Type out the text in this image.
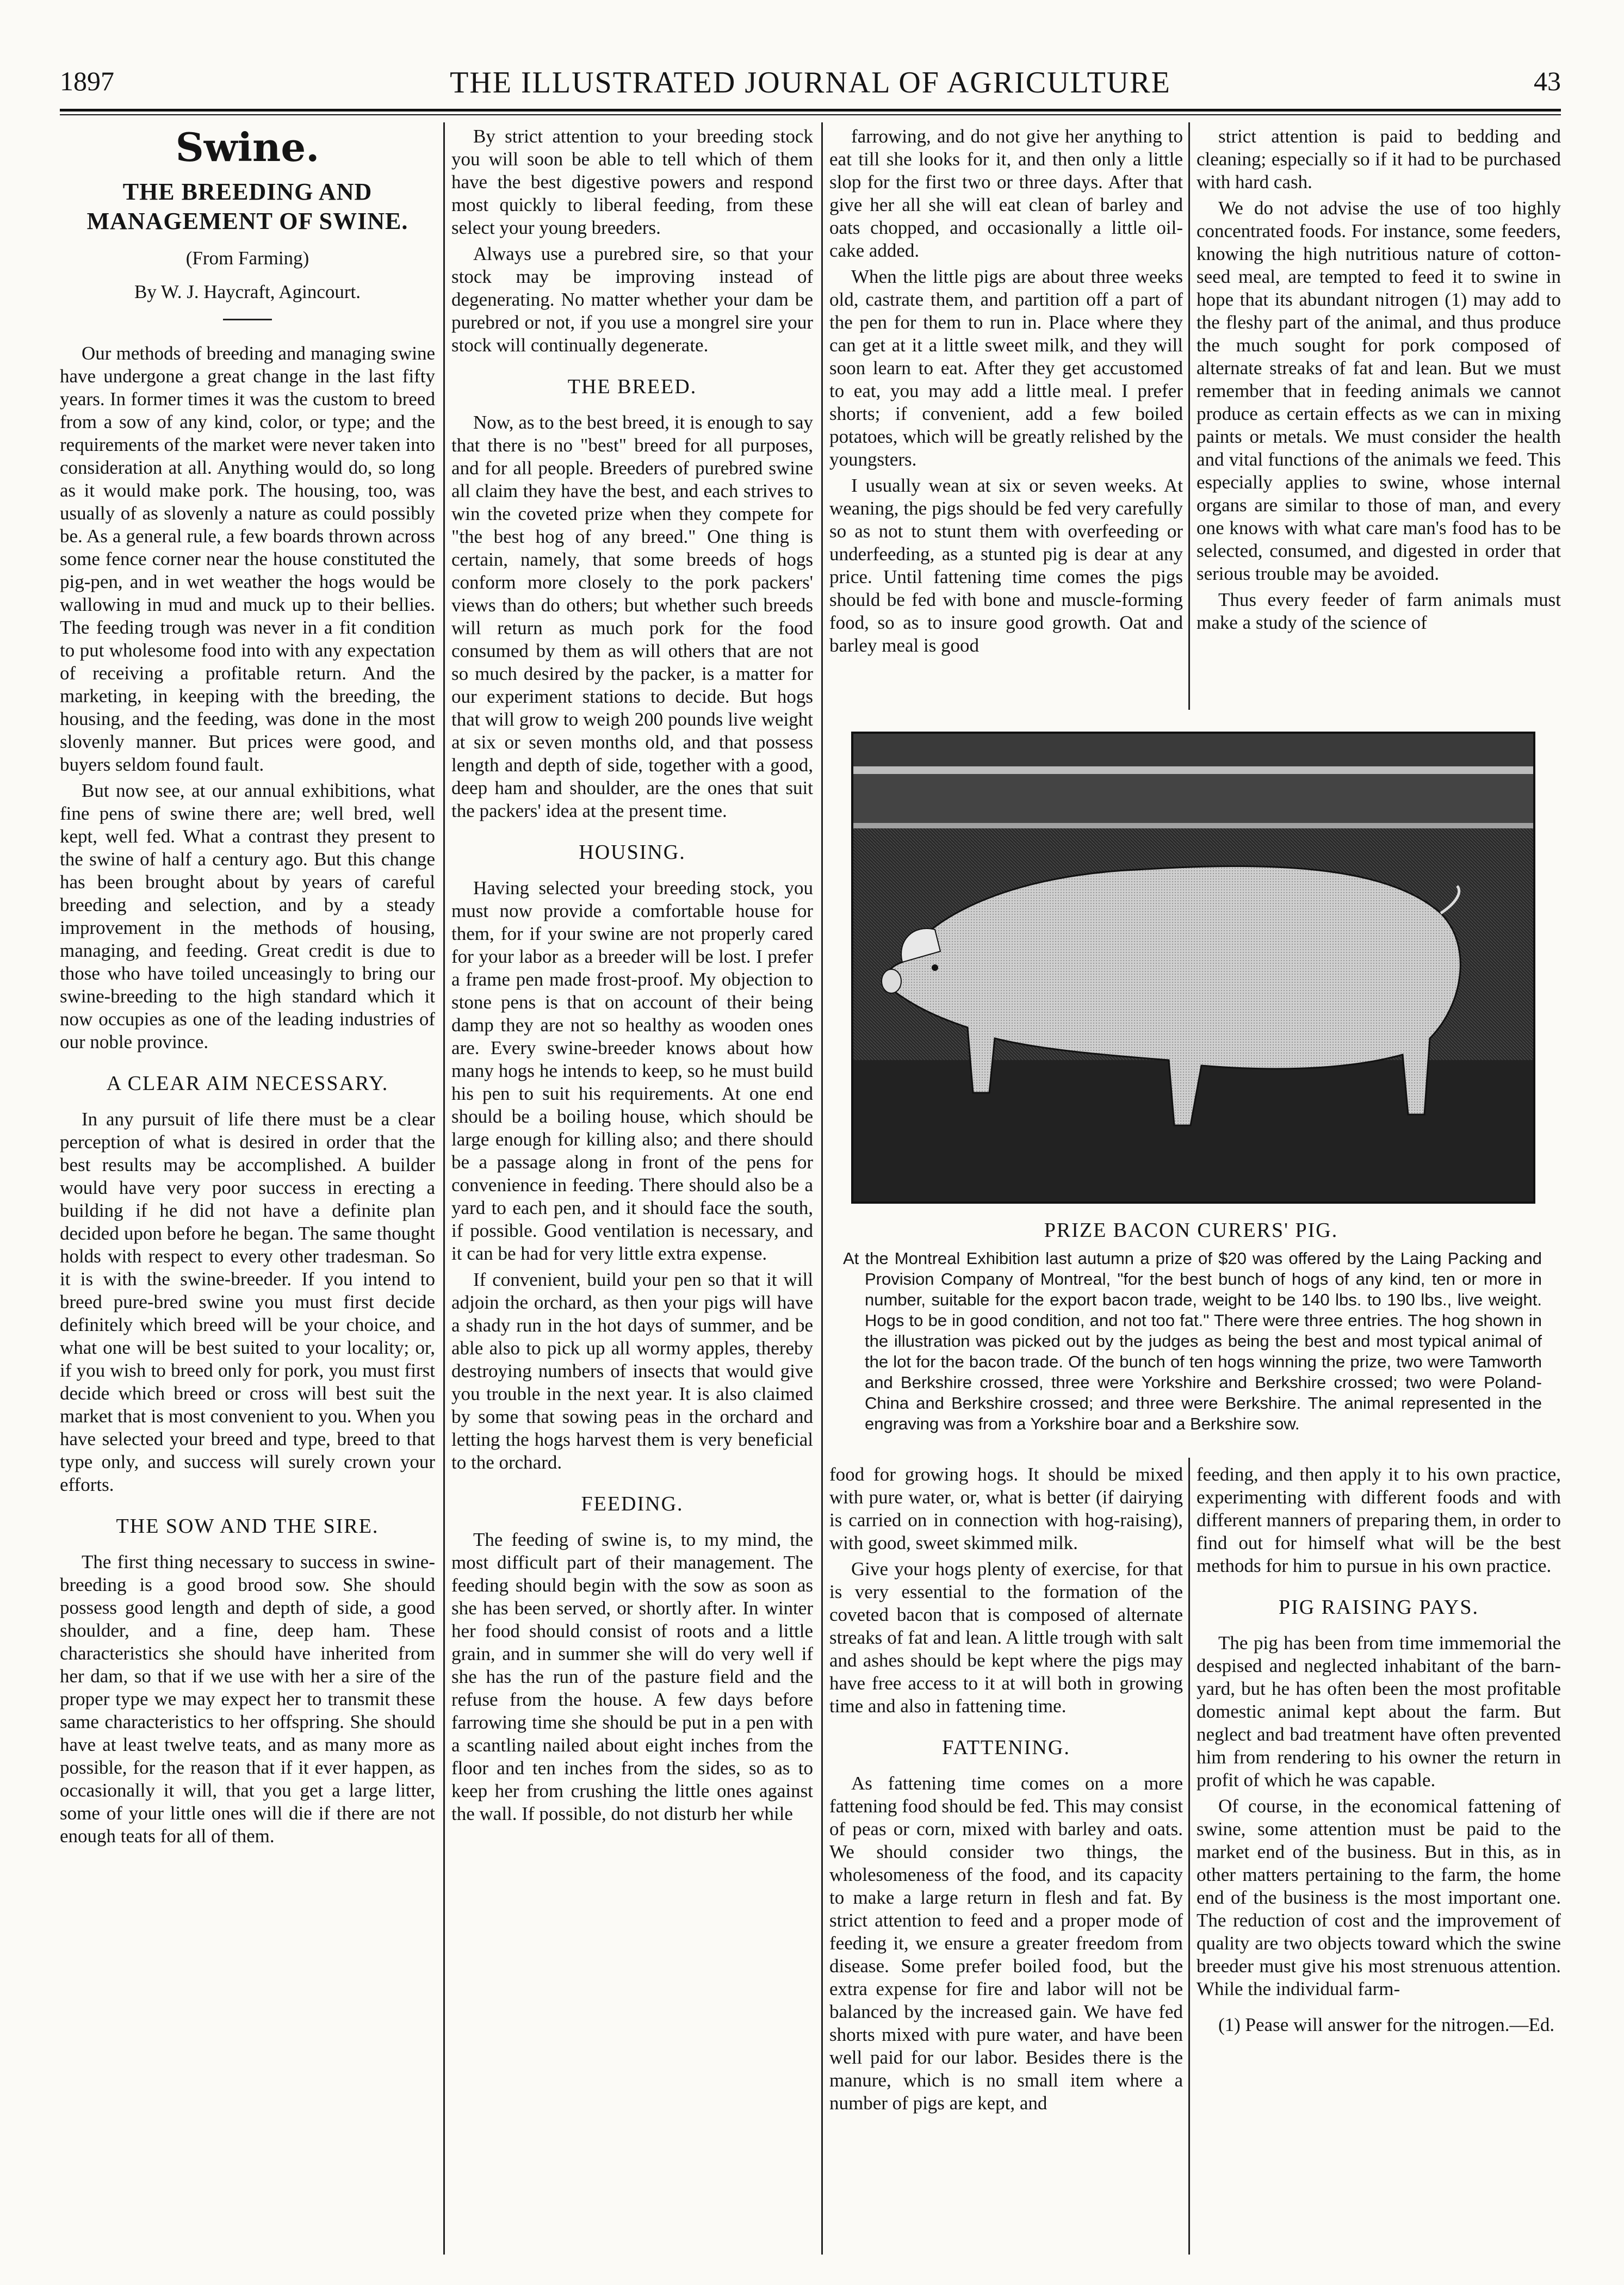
1897	THE ILLUSTRATED JOURNAL OF AGRICULTURE	43
Swine.
THE BREEDING AND MANAGEMENT OF SWINE.

(From Farming)

By W. J. Haycraft, Agincourt.

Our methods of breeding and managing swine have undergone a great change in the last fifty years. In former times it was the custom to breed from a sow of any kind, color, or type; and the requirements of the market were never taken into consideration at all. Anything would do, so long as it would make pork. The housing, too, was usually of as slovenly a nature as could possibly be. As a general rule, a few boards thrown across some fence corner near the house constituted the pig-pen, and in wet weather the hogs would be wallowing in mud and muck up to their bellies. The feeding trough was never in a fit condition to put wholesome food into with any expectation of receiving a profitable return. And the marketing, in keeping with the breeding, the housing, and the feeding, was done in the most slovenly manner. But prices were good, and buyers seldom found fault.

But now see, at our annual exhibitions, what fine pens of swine there are; well bred, well kept, well fed. What a contrast they present to the swine of half a century ago. But this change has been brought about by years of careful breeding and selection, and by a steady improvement in the methods of housing, managing, and feeding. Great credit is due to those who have toiled unceasingly to bring our swine-breeding to the high standard which it now occupies as one of the leading industries of our noble province.

A CLEAR AIM NECESSARY.

In any pursuit of life there must be a clear perception of what is desired in order that the best results may be accomplished. A builder would have very poor success in erecting a building if he did not have a definite plan decided upon before he began. The same thought holds with respect to every other tradesman. So it is with the swine-breeder. If you intend to breed pure-bred swine you must first decide definitely which breed will be your choice, and what one will be best suited to your locality; or, if you wish to breed only for pork, you must first decide which breed or cross will best suit the market that is most convenient to you. When you have selected your breed and type, breed to that type only, and success will surely crown your efforts.

THE SOW AND THE SIRE.

The first thing necessary to success in swine-breeding is a good brood sow. She should possess good length and depth of side, a good shoulder, and a fine, deep ham. These characteristics she should have inherited from her dam, so that if we use with her a sire of the proper type we may expect her to transmit these same characteristics to her offspring. She should have at least twelve teats, and as many more as possible, for the reason that if it ever happen, as occasionally it will, that you get a large litter, some of your little ones will die if there are not enough teats for all of them.

By strict attention to your breeding stock you will soon be able to tell which of them have the best digestive powers and respond most quickly to liberal feeding, from these select your young breeders.

Always use a purebred sire, so that your stock may be improving instead of degenerating. No matter whether your dam be purebred or not, if you use a mongrel sire your stock will continually degenerate.

THE BREED.

Now, as to the best breed, it is enough to say that there is no "best" breed for all purposes, and for all people. Breeders of purebred swine all claim they have the best, and each strives to win the coveted prize when they compete for "the best hog of any breed." One thing is certain, namely, that some breeds of hogs conform more closely to the pork packers' views than do others; but whether such breeds will return as much pork for the food consumed by them as will others that are not so much desired by the packer, is a matter for our experiment stations to decide. But hogs that will grow to weigh 200 pounds live weight at six or seven months old, and that possess length and depth of side, together with a good, deep ham and shoulder, are the ones that suit the packers' idea at the present time.

HOUSING.

Having selected your breeding stock, you must now provide a comfortable house for them, for if your swine are not properly cared for your labor as a breeder will be lost. I prefer a frame pen made frost-proof. My objection to stone pens is that on account of their being damp they are not so healthy as wooden ones are. Every swine-breeder knows about how many hogs he intends to keep, so he must build his pen to suit his requirements. At one end should be a boiling house, which should be large enough for killing also; and there should be a passage along in front of the pens for convenience in feeding. There should also be a yard to each pen, and it should face the south, if possible. Good ventilation is necessary, and it can be had for very little extra expense.

If convenient, build your pen so that it will adjoin the orchard, as then your pigs will have a shady run in the hot days of summer, and be able also to pick up all wormy apples, thereby destroying numbers of insects that would give you trouble in the next year. It is also claimed by some that sowing peas in the orchard and letting the hogs harvest them is very beneficial to the orchard.

FEEDING.

The feeding of swine is, to my mind, the most difficult part of their management. The feeding should begin with the sow as soon as she has been served, or shortly after. In winter her food should consist of roots and a little grain, and in summer she will do very well if she has the run of the pasture field and the refuse from the house. A few days before farrowing time she should be put in a pen with a scantling nailed about eight inches from the floor and ten inches from the sides, so as to keep her from crushing the little ones against the wall. If possible, do not disturb her while

farrowing, and do not give her anything to eat till she looks for it, and then only a little slop for the first two or three days. After that give her all she will eat clean of barley and oats chopped, and occasionally a little oil-cake added.

When the little pigs are about three weeks old, castrate them, and partition off a part of the pen for them to run in. Place where they can get at it a little sweet milk, and they will soon learn to eat. After they get accustomed to eat, you may add a little meal. I prefer shorts; if convenient, add a few boiled potatoes, which will be greatly relished by the youngsters.

I usually wean at six or seven weeks. At weaning, the pigs should be fed very carefully so as not to stunt them with overfeeding or underfeeding, as a stunted pig is dear at any price. Until fattening time comes the pigs should be fed with bone and muscle-forming food, so as to insure good growth. Oat and barley meal is good

strict attention is paid to bedding and cleaning; especially so if it had to be purchased with hard cash.

We do not advise the use of too highly concentrated foods. For instance, some feeders, knowing the high nutritious nature of cotton-seed meal, are tempted to feed it to swine in hope that its abundant nitrogen (1) may add to the fleshy part of the animal, and thus produce the much sought for pork composed of alternate streaks of fat and lean. But we must remember that in feeding animals we cannot produce as certain effects as we can in mixing paints or metals. We must consider the health and vital functions of the animals we feed. This especially applies to swine, whose internal organs are similar to those of man, and every one knows with what care man's food has to be selected, consumed, and digested in order that serious trouble may be avoided.

Thus every feeder of farm animals must make a study of the science of

PRIZE BACON CURERS' PIG.

At the Montreal Exhibition last autumn a prize of $20 was offered by the Laing Packing and Provision Company of Montreal, "for the best bunch of hogs of any kind, ten or more in number, suitable for the export bacon trade, weight to be 140 lbs. to 190 lbs., live weight. Hogs to be in good condition, and not too fat." There were three entries. The hog shown in the illustration was picked out by the judges as being the best and most typical animal of the lot for the bacon trade. Of the bunch of ten hogs winning the prize, two were Tamworth and Berkshire crossed, three were Yorkshire and Berkshire crossed; two were Poland-China and Berkshire crossed; and three were Berkshire. The animal represented in the engraving was from a Yorkshire boar and a Berkshire sow.

food for growing hogs. It should be mixed with pure water, or, what is better (if dairying is carried on in connection with hog-raising), with good, sweet skimmed milk.

Give your hogs plenty of exercise, for that is very essential to the formation of the coveted bacon that is composed of alternate streaks of fat and lean. A little trough with salt and ashes should be kept where the pigs may have free access to it at will both in growing time and also in fattening time.

FATTENING.

As fattening time comes on a more fattening food should be fed. This may consist of peas or corn, mixed with barley and oats. We should consider two things, the wholesomeness of the food, and its capacity to make a large return in flesh and fat. By strict attention to feed and a proper mode of feeding it, we ensure a greater freedom from disease. Some prefer boiled food, but the extra expense for fire and labor will not be balanced by the increased gain. We have fed shorts mixed with pure water, and have been well paid for our labor. Besides there is the manure, which is no small item where a number of pigs are kept, and

feeding, and then apply it to his own practice, experimenting with different foods and with different manners of preparing them, in order to find out for himself what will be the best methods for him to pursue in his own practice.

PIG RAISING PAYS.

The pig has been from time immemorial the despised and neglected inhabitant of the barn-yard, but he has often been the most profitable domestic animal kept about the farm. But neglect and bad treatment have often prevented him from rendering to his owner the return in profit of which he was capable.

Of course, in the economical fattening of swine, some attention must be paid to the market end of the business. But in this, as in other matters pertaining to the farm, the home end of the business is the most important one. The reduction of cost and the improvement of quality are two objects toward which the swine breeder must give his most strenuous attention. While the individual farm-

(1) Pease will answer for the nitrogen.—Ed.
